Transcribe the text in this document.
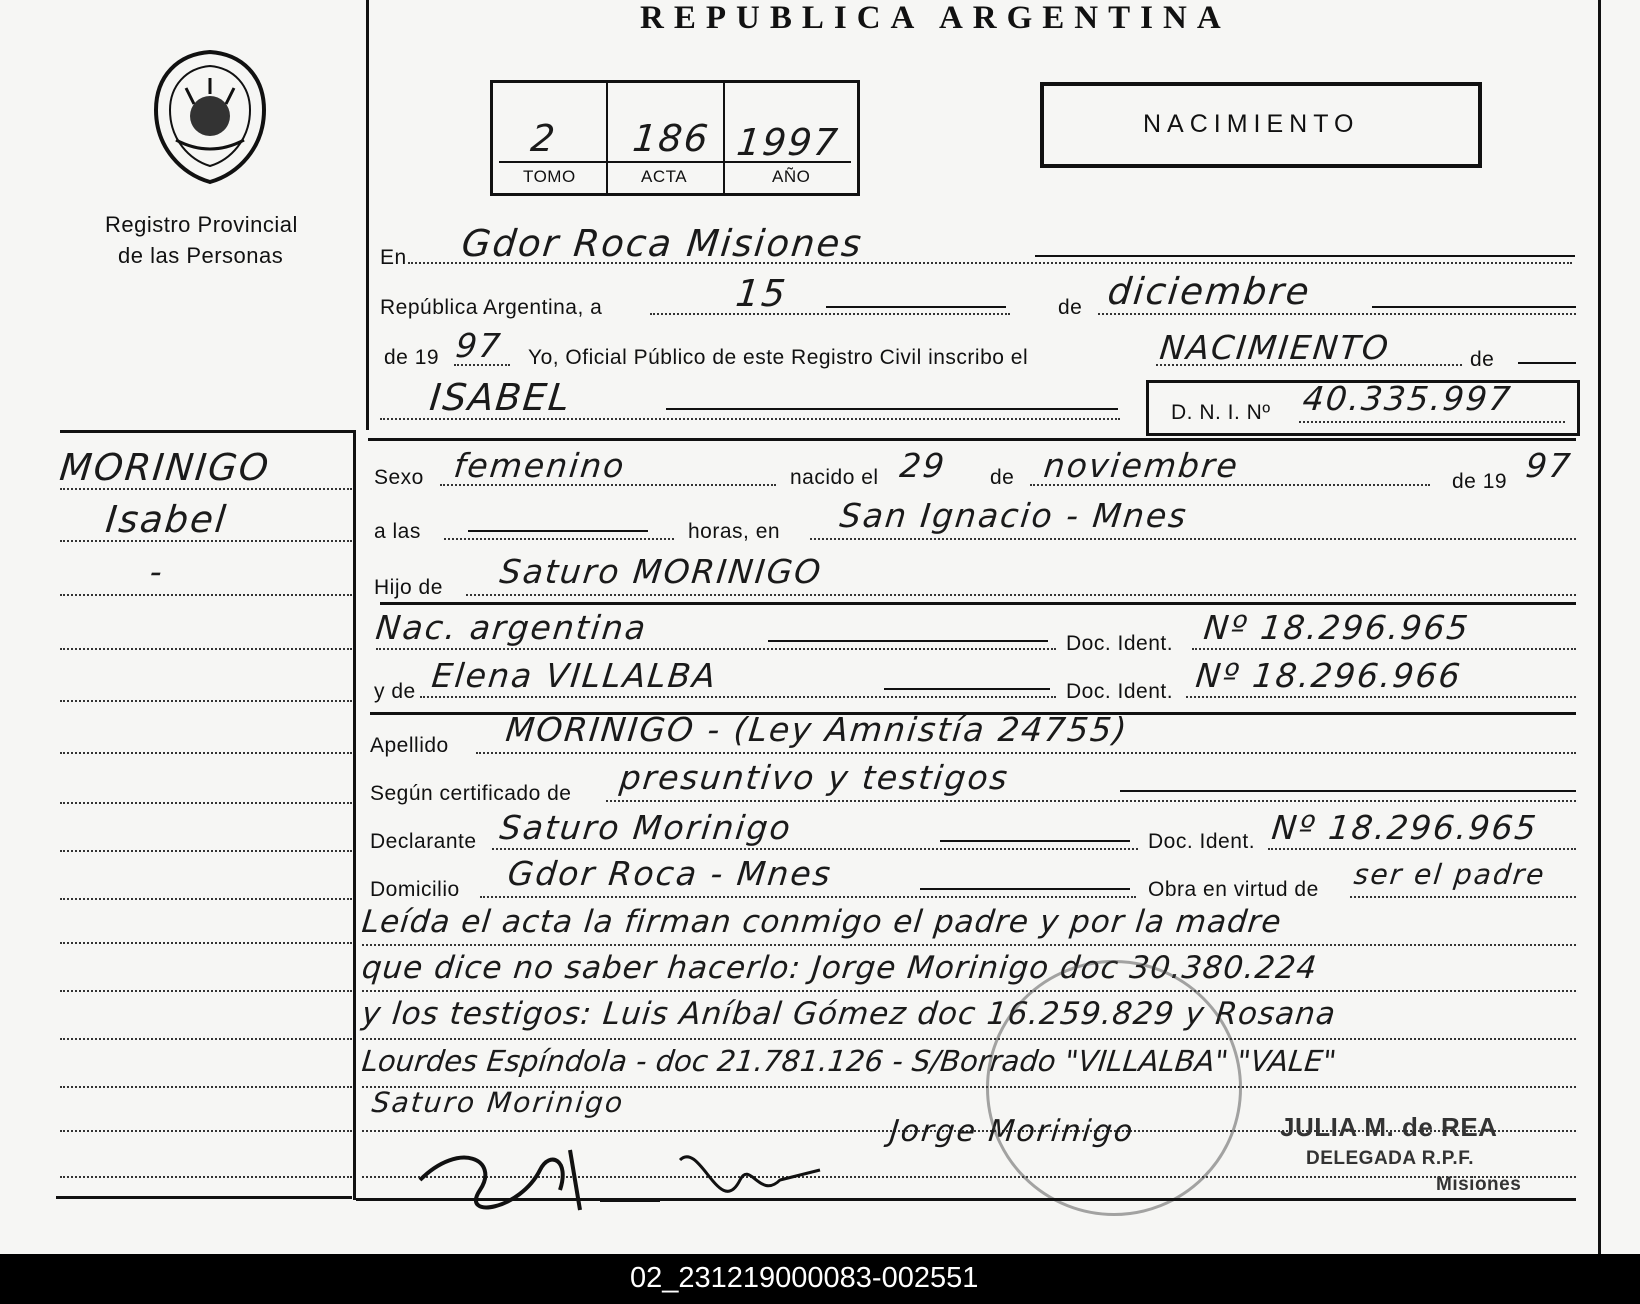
REPUBLICA ARGENTINA
Registro Provincial
de las Personas
2 186 1997
TOMO	ACTA	AÑO
NACIMIENTO
En Gdor Roca Misiones
República Argentina, a	15	de diciembre
de 19 97 Yo, Oficial Público de este Registro Civil inscribo el	NACIMIENTO	de
ISABEL	D. N. I. Nº 40.335.997
MORINIGO
Isabel
-
Sexo femenino	nacido el 29 de noviembre	de 19 97
a las	horas, en San Ignacio - Mnes
Hijo de Saturo MORINIGO
Nac. argentina	Doc. Ident. Nº 18.296.965
y de Elena VILLALBA	Doc. Ident. Nº 18.296.966
Apellido MORINIGO - (Ley Amnistía 24755)
Según certificado de presuntivo y testigos
Declarante Saturo Morinigo	Doc. Ident. Nº 18.296.965
Domicilio Gdor Roca - Mnes	Obra en virtud de ser el padre
Leída el acta la firman conmigo el padre y por la madre
que dice no saber hacerlo: Jorge Morinigo doc 30.380.224
y los testigos: Luis Aníbal Gómez doc 16.259.829 y Rosana
Lourdes Espíndola - doc 21.781.126 - S/Borrado "VILLALBA" "VALE"
Saturo Morinigo
Jorge Morinigo	JULIA M. de REA
DELEGADA R.P.F.
Misiones
02_231219000083-002551
